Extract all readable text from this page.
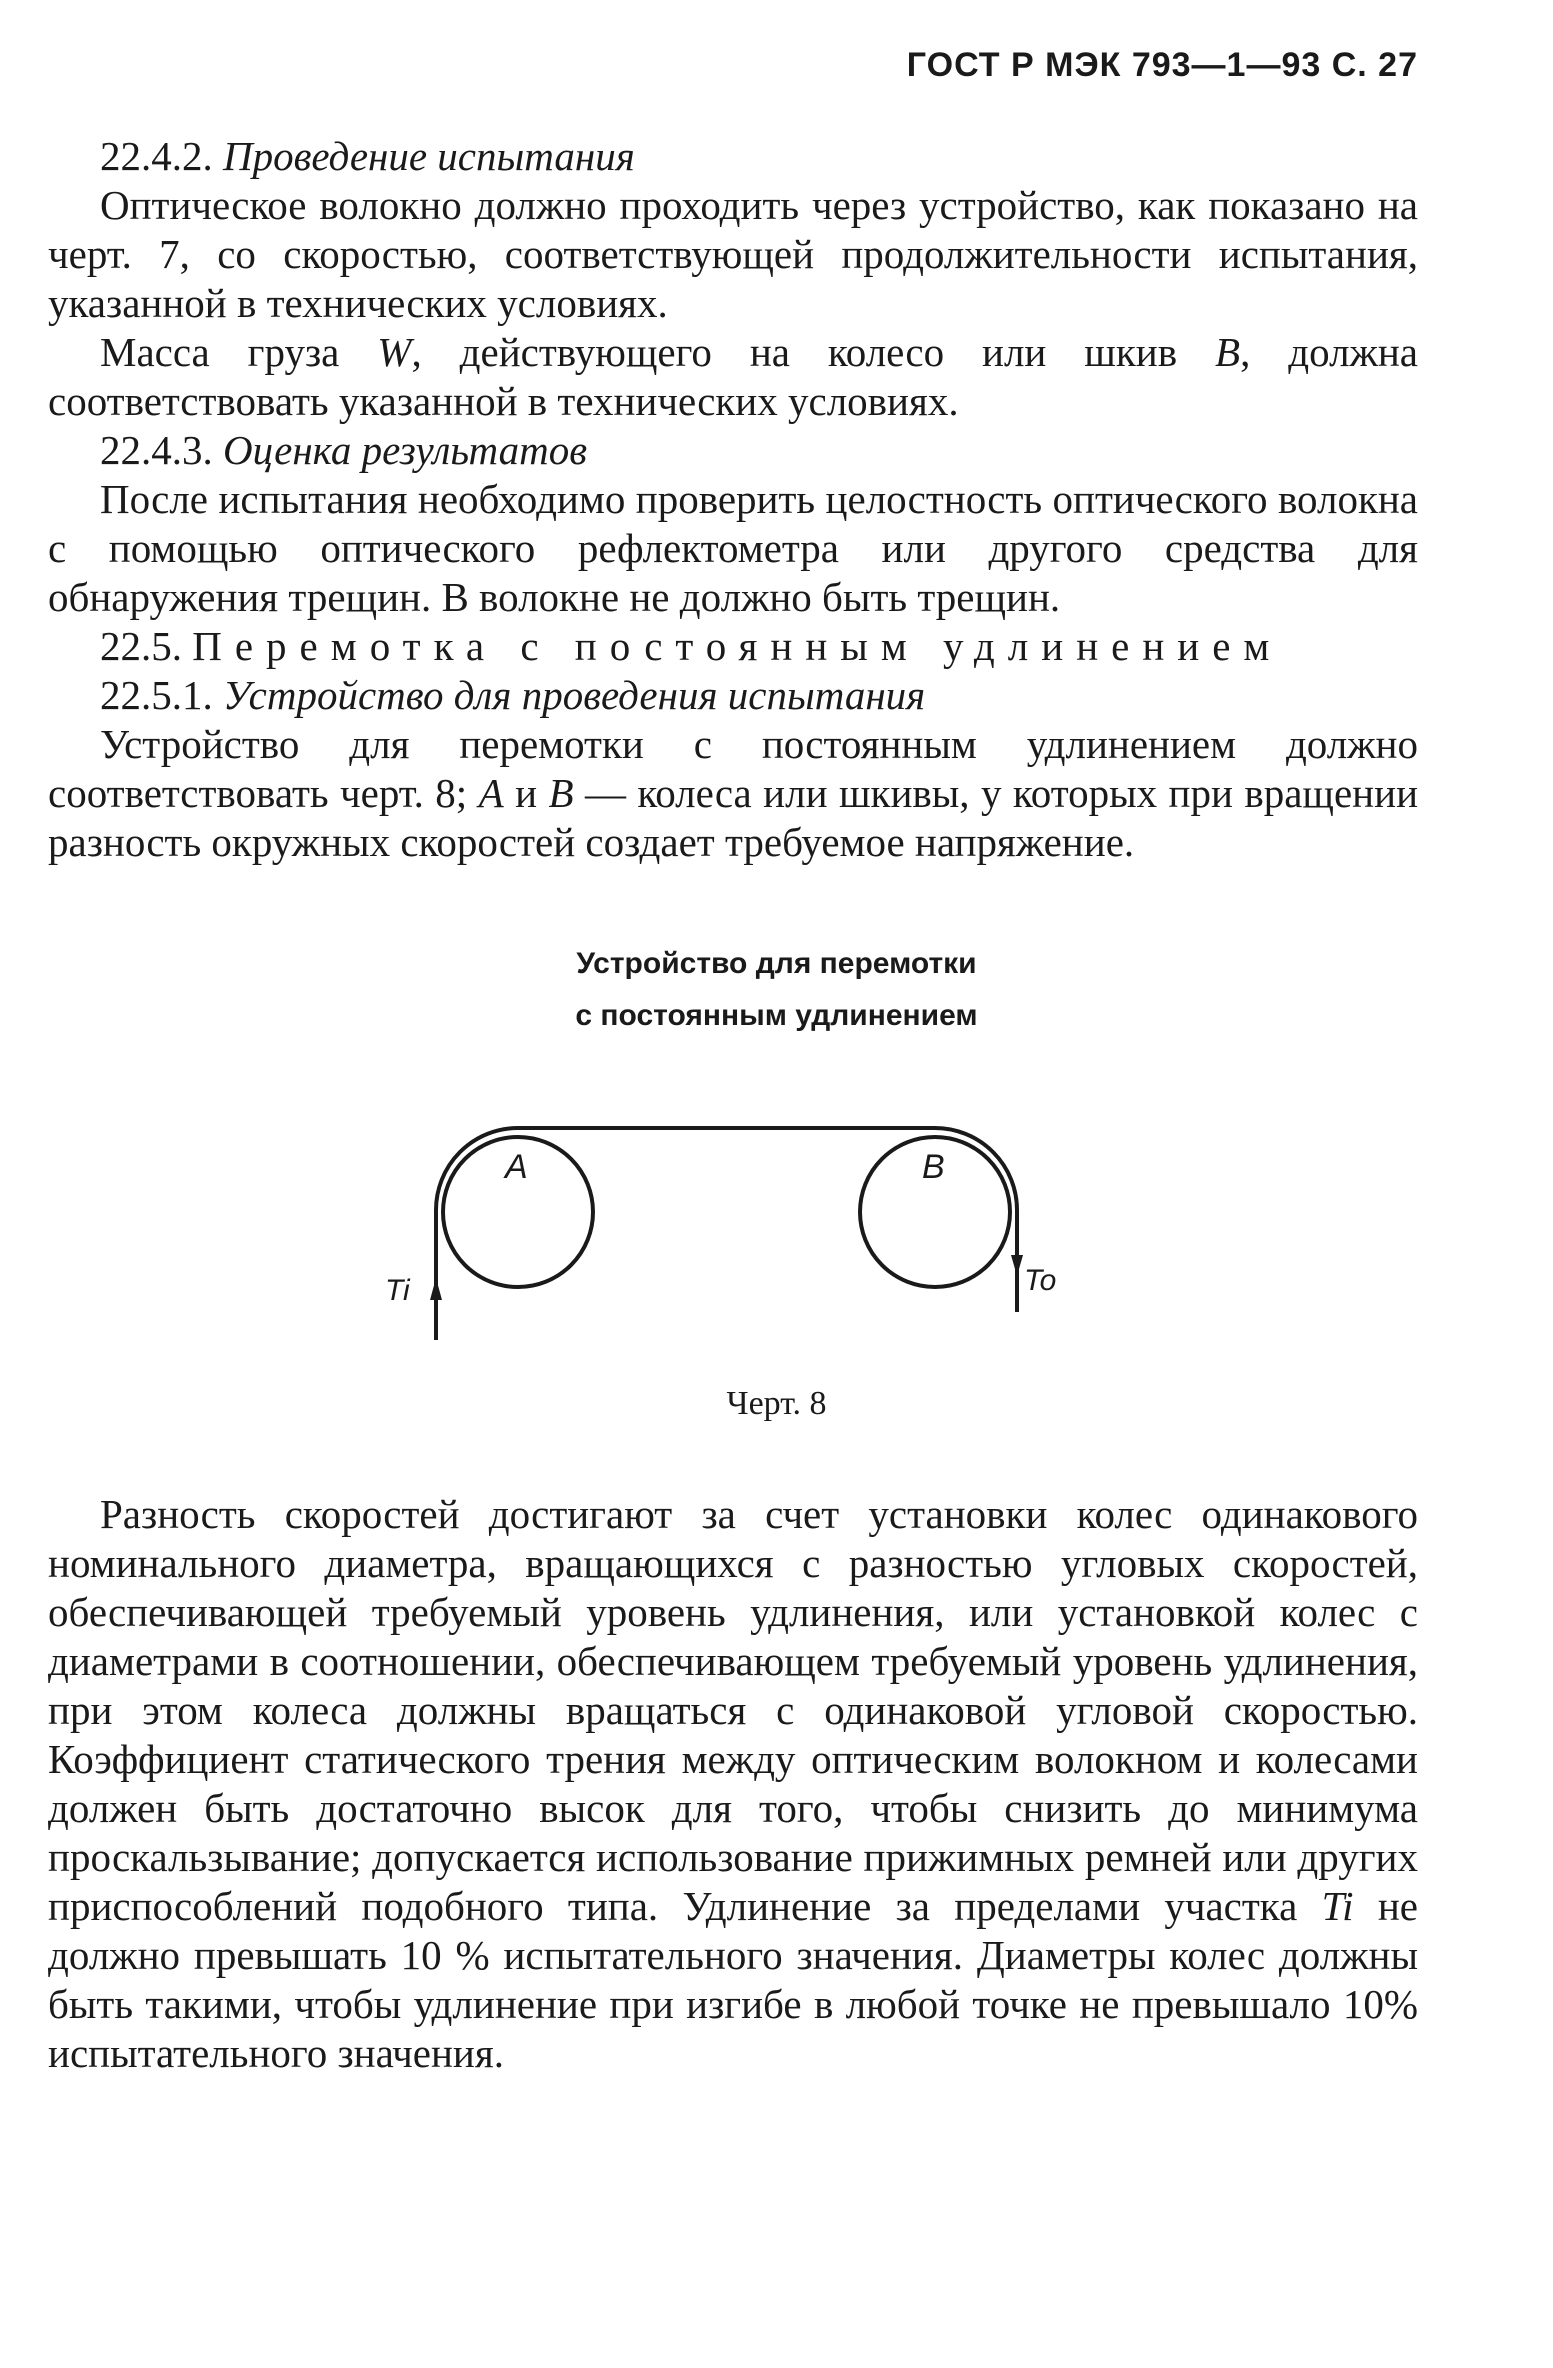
ГОСТ Р МЭК 793—1—93 С. 27

22.4.2. Проведение испытания

Оптическое волокно должно проходить через устройство, как показано на черт. 7, со скоростью, соответствующей продолжительности испытания, указанной в технических условиях.

Масса груза W, действующего на колесо или шкив B, должна соответствовать указанной в технических условиях.

22.4.3. Оценка результатов

После испытания необходимо проверить целостность оптического волокна с помощью оптического рефлектометра или другого средства для обнаружения трещин. В волокне не должно быть трещин.

22.5. Перемотка с постоянным удлинением

22.5.1. Устройство для проведения испытания

Устройство для перемотки с постоянным удлинением должно соответствовать черт. 8; A и B — колеса или шкивы, у которых при вращении разность окружных скоростей создает требуемое напряжение.

Устройство для перемотки
с постоянным удлинением
A	B
Ti	To
Черт. 8

Разность скоростей достигают за счет установки колес одинакового номинального диаметра, вращающихся с разностью угловых скоростей, обеспечивающей требуемый уровень удлинения, или установкой колес с диаметрами в соотношении, обеспечивающем требуемый уровень удлинения, при этом колеса должны вращаться с одинаковой угловой скоростью. Коэффициент статического трения между оптическим волокном и колесами должен быть достаточно высок для того, чтобы снизить до минимума проскальзывание; допускается использование прижимных ремней или других приспособлений подобного типа. Удлинение за пределами участка Ti не должно превышать 10 % испытательного значения. Диаметры колес должны быть такими, чтобы удлинение при изгибе в любой точке не превышало 10% испытательного значения.
